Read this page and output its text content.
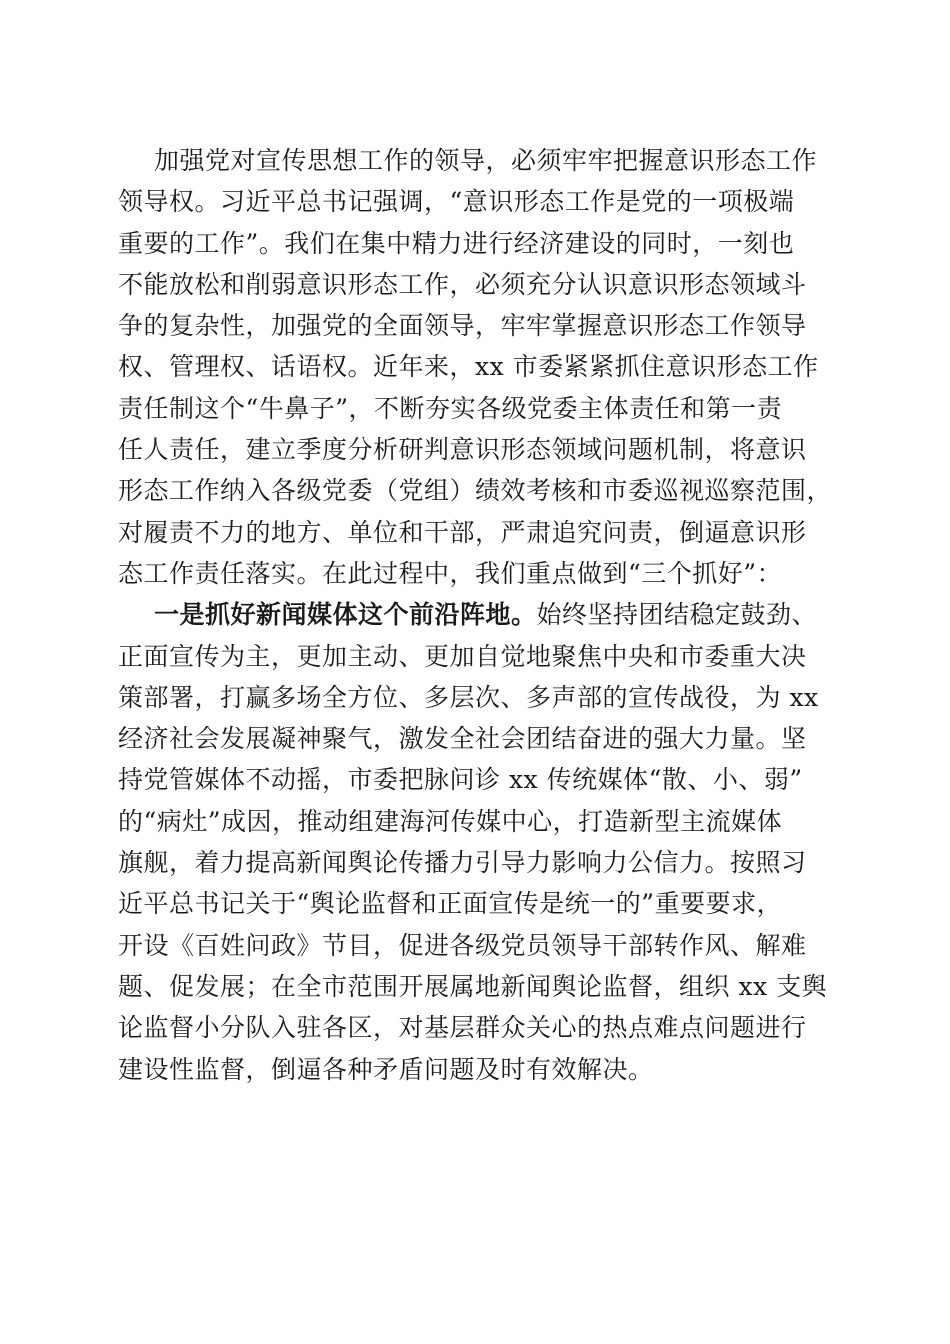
加强党对宣传思想工作的领导，必须牢牢把握意识形态工作
领导权。习近平总书记强调，“意识形态工作是党的一项极端
重要的工作”。我们在集中精力进行经济建设的同时，一刻也
不能放松和削弱意识形态工作，必须充分认识意识形态领域斗
争的复杂性，加强党的全面领导，牢牢掌握意识形态工作领导
权、管理权、话语权。近年来，xx 市委紧紧抓住意识形态工作
责任制这个“牛鼻子”，不断夯实各级党委主体责任和第一责
任人责任，建立季度分析研判意识形态领域问题机制，将意识
形态工作纳入各级党委（党组）绩效考核和市委巡视巡察范围，
对履责不力的地方、单位和干部，严肃追究问责，倒逼意识形
态工作责任落实。在此过程中，我们重点做到“三个抓好”：
一是抓好新闻媒体这个前沿阵地。始终坚持团结稳定鼓劲、
正面宣传为主，更加主动、更加自觉地聚焦中央和市委重大决
策部署，打赢多场全方位、多层次、多声部的宣传战役，为 xx
经济社会发展凝神聚气，激发全社会团结奋进的强大力量。坚
持党管媒体不动摇，市委把脉问诊 xx 传统媒体“散、小、弱”
的“病灶”成因，推动组建海河传媒中心，打造新型主流媒体
旗舰，着力提高新闻舆论传播力引导力影响力公信力。按照习
近平总书记关于“舆论监督和正面宣传是统一的”重要要求，
开设《百姓问政》节目，促进各级党员领导干部转作风、解难
题、促发展；在全市范围开展属地新闻舆论监督，组织 xx 支舆
论监督小分队入驻各区，对基层群众关心的热点难点问题进行
建设性监督，倒逼各种矛盾问题及时有效解决。
